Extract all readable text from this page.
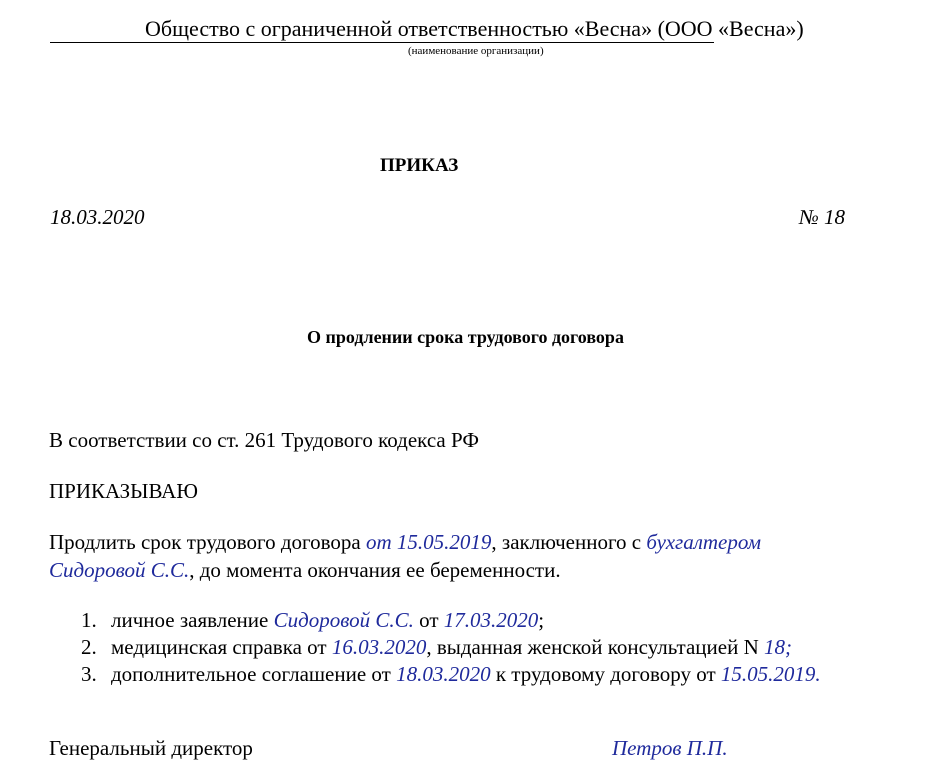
Общество с ограниченной ответственностью «Весна» (ООО «Весна»)
(наименование организации)
ПРИКАЗ
18.03.2020	№ 18
О продлении срока трудового договора
В соответствии со ст. 261 Трудового кодекса РФ
ПРИКАЗЫВАЮ
Продлить срок трудового договора от 15.05.2019, заключенного с бухгалтером
Сидоровой С.С., до момента окончания ее беременности.
1. личное заявление Сидоровой С.С. от 17.03.2020;
2. медицинская справка от 16.03.2020, выданная женской консультацией N 18;
3. дополнительное соглашение от 18.03.2020 к трудовому договору от 15.05.2019.
Генеральный директор	Петров П.П.
